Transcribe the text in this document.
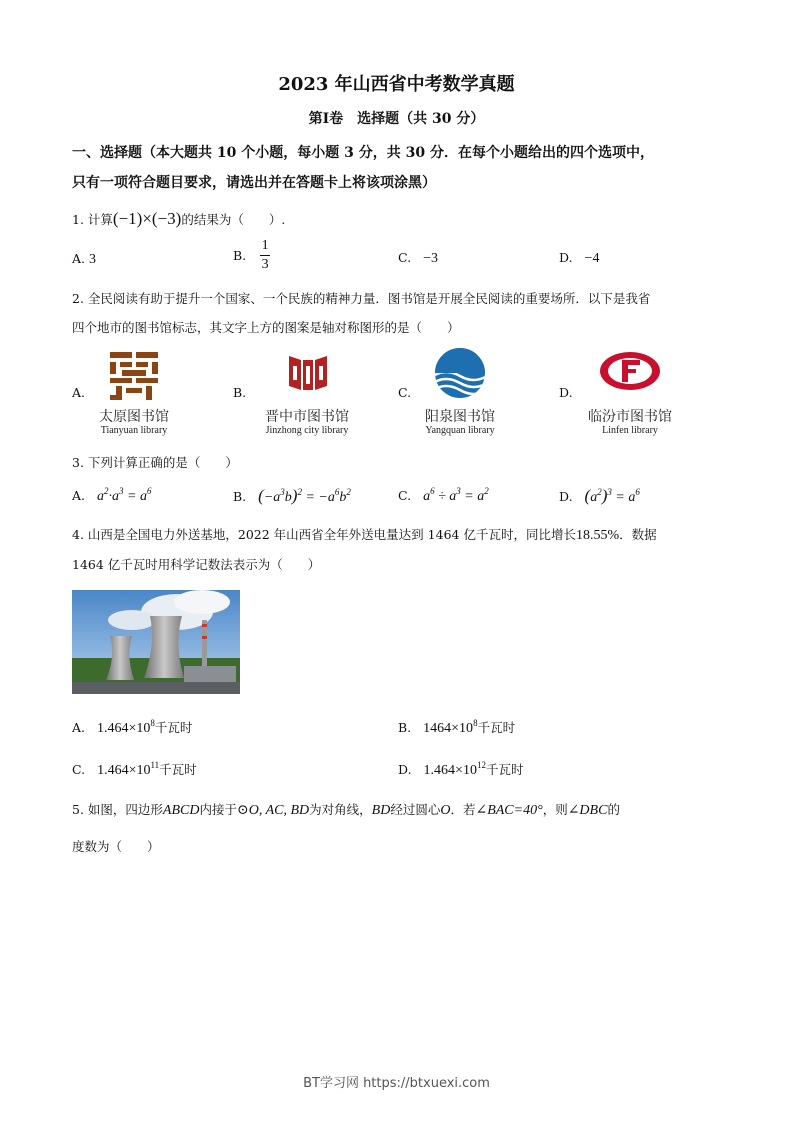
2023 年山西省中考数学真题
第Ⅰ卷　选择题（共 30 分）
一、选择题（本大题共 10 个小题，每小题 3 分，共 30 分．在每个小题给出的四个选项中，
只有一项符合题目要求，请选出并在答题卡上将该项涂黑）
1. 计算(−1)×(−3)的结果为（　　）.
A. 3	B. $\frac{1}{3}$	C. −3	D. −4
2. 全民阅读有助于提升一个国家、一个民族的精神力量．图书馆是开展全民阅读的重要场所．以下是我省
四个地市的图书馆标志，其文字上方的图案是轴对称图形的是（　　）
A.
太原图书馆
Tianyuan library
B.
晋中市图书馆
Jinzhong city library
C.
阳泉图书馆
Yangquan library
D.
临汾市图书馆
Linfen library
3. 下列计算正确的是（　　）
A. $a^2\cdot a^3 = a^6$	B. $(-a^3b)^2 = -a^6b^2$	C. $a^6 \div a^3 = a^2$	D. $(a^2)^3 = a^6$
4. 山西是全国电力外送基地，2022 年山西省全年外送电量达到 1464 亿千瓦时，同比增长18.55%．数据
1464 亿千瓦时用科学记数法表示为（　　）
A. $1.464\times 10^8$千瓦时	B. $1464\times 10^8$千瓦时
C. $1.464\times 10^{11}$千瓦时	D. $1.464\times 10^{12}$千瓦时
5. 如图，四边形ABCD内接于⊙O, AC, BD为对角线，BD经过圆心O．若∠BAC=40°，则∠DBC的
度数为（　　）
BT学习网 https://btxuexi.com
